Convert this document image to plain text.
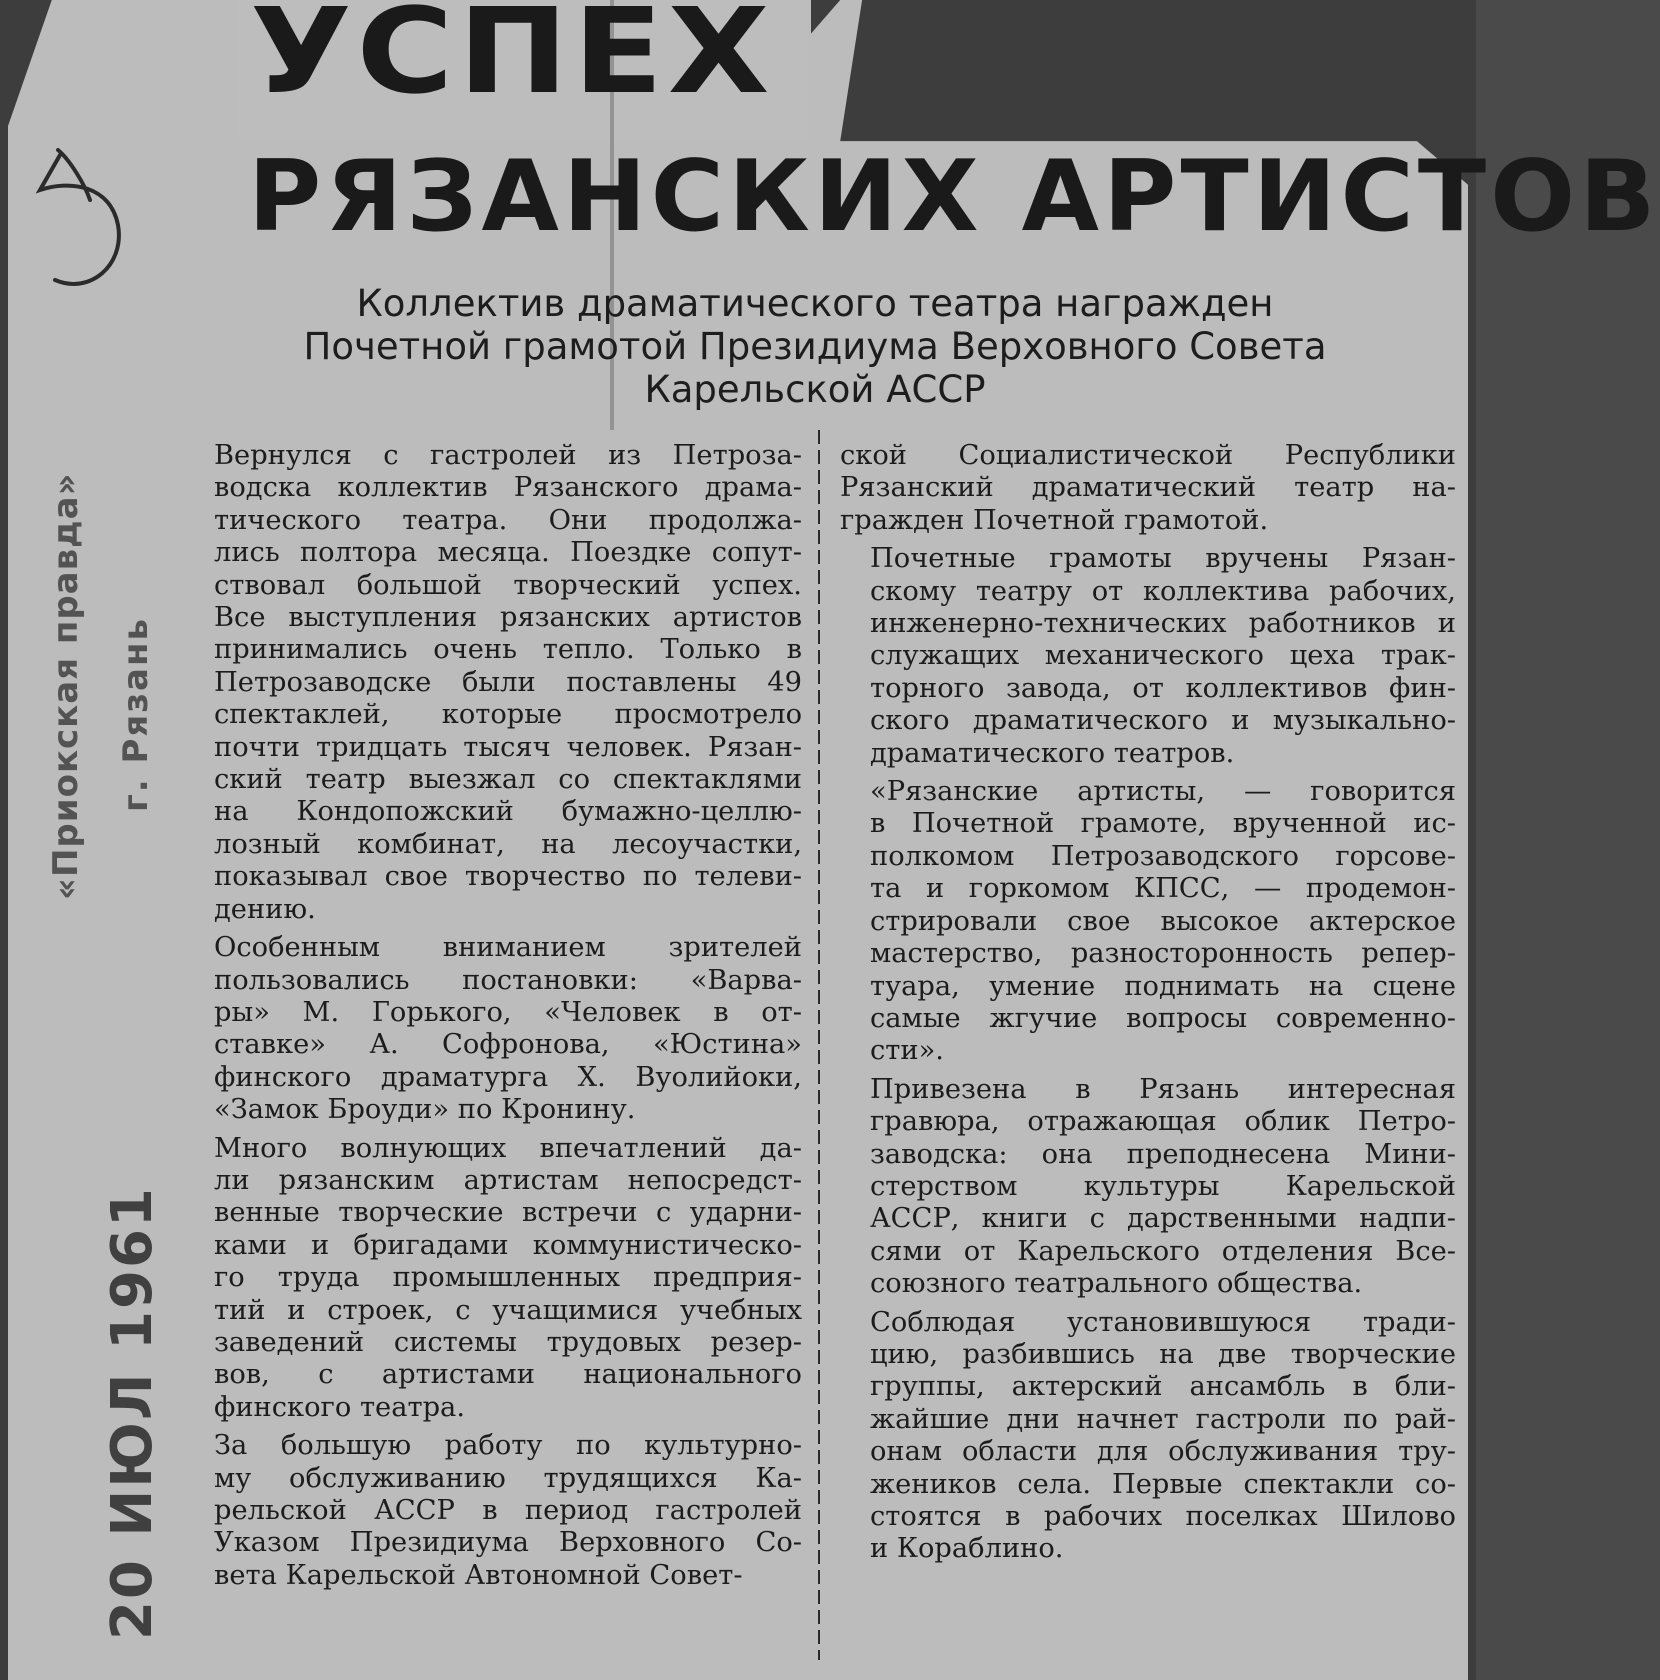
5
УСПЕХ
РЯЗАНСКИХ АРТИСТОВ
Коллектив драматического театра награжден
Почетной грамотой Президиума Верховного Совета
Карельской АССР
«Приокская правда» г. Рязань
20 ИЮЛ 1961

Вернулся с гастролей из Петроза-
водска коллектив Рязанского драма-
тического театра. Они продолжа-
лись полтора месяца. Поездке сопут-
ствовал большой творческий успех.
Все выступления рязанских артистов
принимались очень тепло. Только в
Петрозаводске были поставлены 49
спектаклей, которые просмотрело
почти тридцать тысяч человек. Рязан-
ский театр выезжал со спектаклями
на Кондопожский бумажно-целлю-
лозный комбинат, на лесоучастки,
показывал свое творчество по телеви-
дению.

Особенным вниманием зрителей
пользовались постановки: «Варва-
ры» М. Горького, «Человек в от-
ставке» А. Софронова, «Юстина»
финского драматурга Х. Вуолийоки,
«Замок Броуди» по Кронину.

Много волнующих впечатлений да-
ли рязанским артистам непосредст-
венные творческие встречи с ударни-
ками и бригадами коммунистическо-
го труда промышленных предприя-
тий и строек, с учащимися учебных
заведений системы трудовых резер-
вов, с артистами национального
финского театра.

За большую работу по культурно-
му обслуживанию трудящихся Ка-
рельской АССР в период гастролей
Указом Президиума Верховного Со-
вета Карельской Автономной Совет-

ской Социалистической Республики
Рязанский драматический театр на-
гражден Почетной грамотой.

Почетные грамоты вручены Рязан-
скому театру от коллектива рабочих,
инженерно-технических работников и
служащих механического цеха трак-
торного завода, от коллективов фин-
ского драматического и музыкально-
драматического театров.

«Рязанские артисты, — говорится
в Почетной грамоте, врученной ис-
полкомом Петрозаводского горсове-
та и горкомом КПСС, — продемон-
стрировали свое высокое актерское
мастерство, разносторонность репер-
туара, умение поднимать на сцене
самые жгучие вопросы современно-
сти».

Привезена в Рязань интересная
гравюра, отражающая облик Петро-
заводска: она преподнесена Мини-
стерством культуры Карельской
АССР, книги с дарственными надпи-
сями от Карельского отделения Все-
союзного театрального общества.

Соблюдая установившуюся тради-
цию, разбившись на две творческие
группы, актерский ансамбль в бли-
жайшие дни начнет гастроли по рай-
онам области для обслуживания тру-
жеников села. Первые спектакли со-
стоятся в рабочих поселках Шилово
и Кораблино.
